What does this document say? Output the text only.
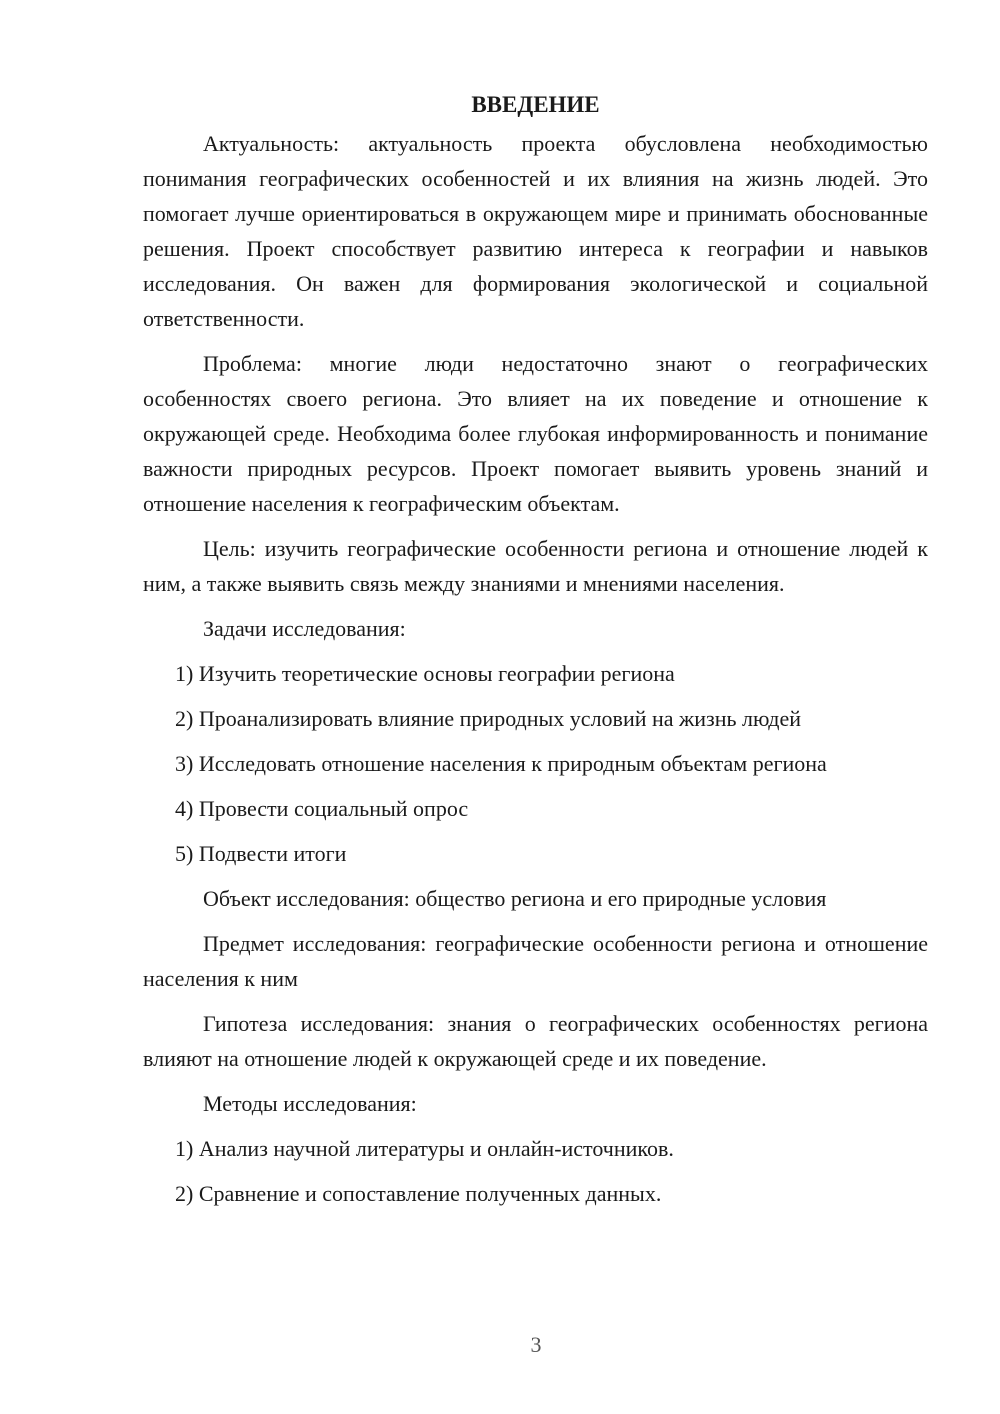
ВВЕДЕНИЕ

Актуальность: актуальность проекта обусловлена необходимостью понимания географических особенностей и их влияния на жизнь людей. Это помогает лучше ориентироваться в окружающем мире и принимать обоснованные решения. Проект способствует развитию интереса к географии и навыков исследования. Он важен для формирования экологической и социальной ответственности.

Проблема: многие люди недостаточно знают о географических особенностях своего региона. Это влияет на их поведение и отношение к окружающей среде. Необходима более глубокая информированность и понимание важности природных ресурсов. Проект помогает выявить уровень знаний и отношение населения к географическим объектам.

Цель: изучить географические особенности региона и отношение людей к ним, а также выявить связь между знаниями и мнениями населения.

Задачи исследования:

1) Изучить теоретические основы географии региона
2) Проанализировать влияние природных условий на жизнь людей
3) Исследовать отношение населения к природным объектам региона
4) Провести социальный опрос
5) Подвести итоги

Объект исследования: общество региона и его природные условия

Предмет исследования: географические особенности региона и отношение населения к ним

Гипотеза исследования: знания о географических особенностях региона влияют на отношение людей к окружающей среде и их поведение.

Методы исследования:

1) Анализ научной литературы и онлайн-источников.
2) Сравнение и сопоставление полученных данных.
3
